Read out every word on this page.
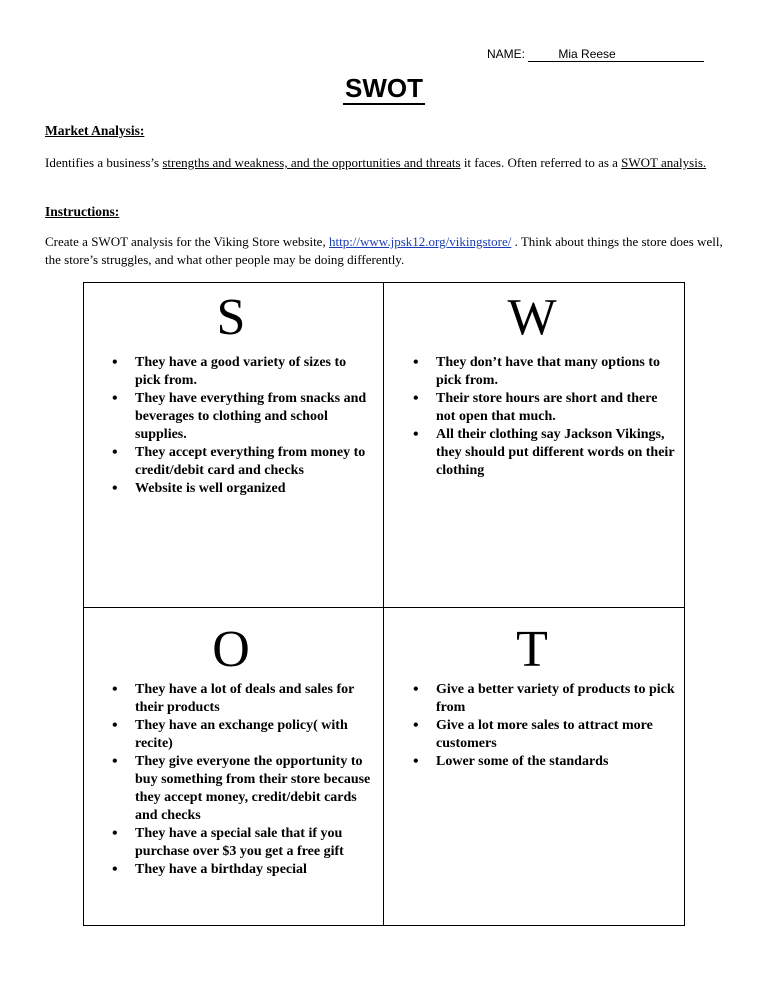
NAME:	Mia Reese
SWOT
Market Analysis:
Identifies a business’s strengths and weakness, and the opportunities and threats it faces. Often referred to as a SWOT analysis.
Instructions:
Create a SWOT analysis for the Viking Store website, http://www.jpsk12.org/vikingstore/ . Think about things the store does well, the store’s struggles, and what other people may be doing differently.
S
• They have a good variety of sizes to pick from.
• They have everything from snacks and beverages to clothing and school supplies.
• They accept everything from money to credit/debit card and checks
• Website is well organized
W
• They don’t have that many options to pick from.
• Their store hours are short and there not open that much.
• All their clothing say Jackson Vikings, they should put different words on their clothing
O
• They have a lot of deals and sales for their products
• They have an exchange policy( with recite)
• They give everyone the opportunity to buy something from their store because they accept money, credit/debit cards and checks
• They have a special sale that if you purchase over $3 you get a free gift
• They have a birthday special
T
• Give a better variety of products to pick from
• Give a lot more sales to attract more customers
• Lower some of the standards
